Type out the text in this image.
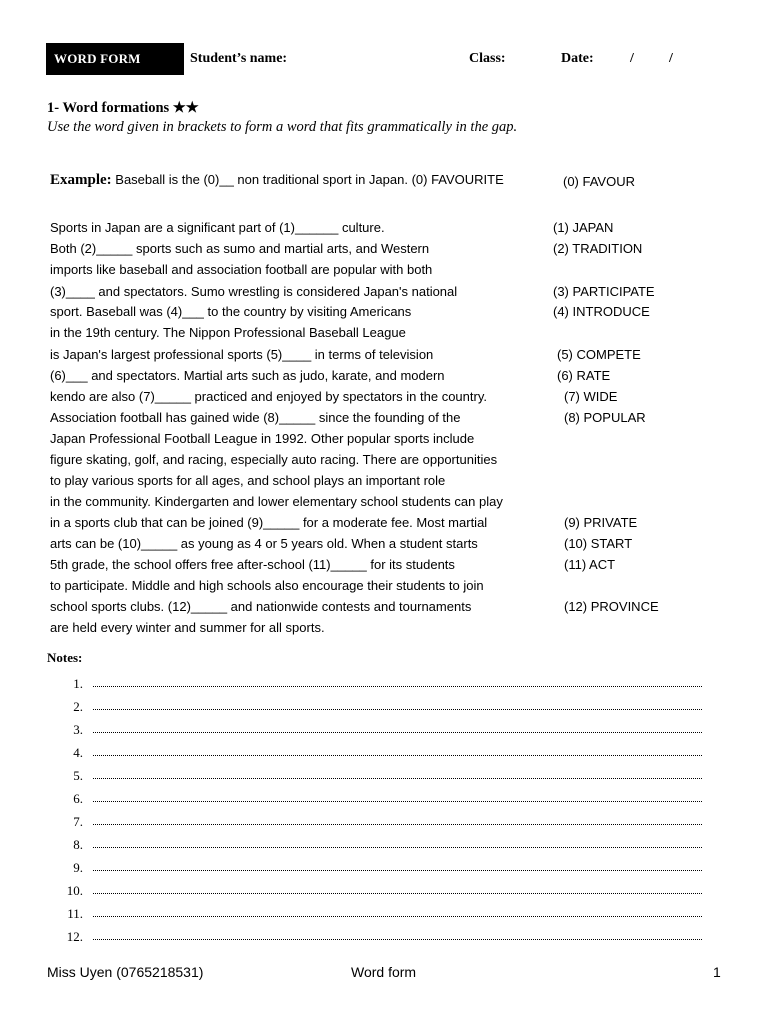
WORD FORM	Student’s name:	Class:	Date:	/	/
1- Word formations ★★
Use the word given in brackets to form a word that fits grammatically in the gap.
Example: Baseball is the (0)__ non traditional sport in Japan. (0) FAVOURITE	(0) FAVOUR
Sports in Japan are a significant part of (1)______ culture.
Both (2)_____ sports such as sumo and martial arts, and Western
imports like baseball and association football are popular with both
(3)____ and spectators. Sumo wrestling is considered Japan's national
sport. Baseball was (4)___ to the country by visiting Americans
in the 19th century. The Nippon Professional Baseball League
is Japan's largest professional sports (5)____ in terms of television
(6)___ and spectators. Martial arts such as judo, karate, and modern
kendo are also (7)_____ practiced and enjoyed by spectators in the country.
Association football has gained wide (8)_____ since the founding of the
Japan Professional Football League in 1992. Other popular sports include
figure skating, golf, and racing, especially auto racing. There are opportunities
to play various sports for all ages, and school plays an important role
in the community. Kindergarten and lower elementary school students can play
in a sports club that can be joined (9)_____ for a moderate fee. Most martial
arts can be (10)_____ as young as 4 or 5 years old. When a student starts
5th grade, the school offers free after-school (11)_____ for its students
to participate. Middle and high schools also encourage their students to join
school sports clubs. (12)_____ and nationwide contests and tournaments
are held every winter and summer for all sports.
(1) JAPAN
(2) TRADITION
(3) PARTICIPATE
(4) INTRODUCE
(5) COMPETE
(6) RATE
(7) WIDE
(8) POPULAR
(9) PRIVATE
(10) START
(11) ACT
(12) PROVINCE
Notes:
1.
2.
3.
4.
5.
6.
7.
8.
9.
10.
11.
12.
Miss Uyen (0765218531)	Word form	1
